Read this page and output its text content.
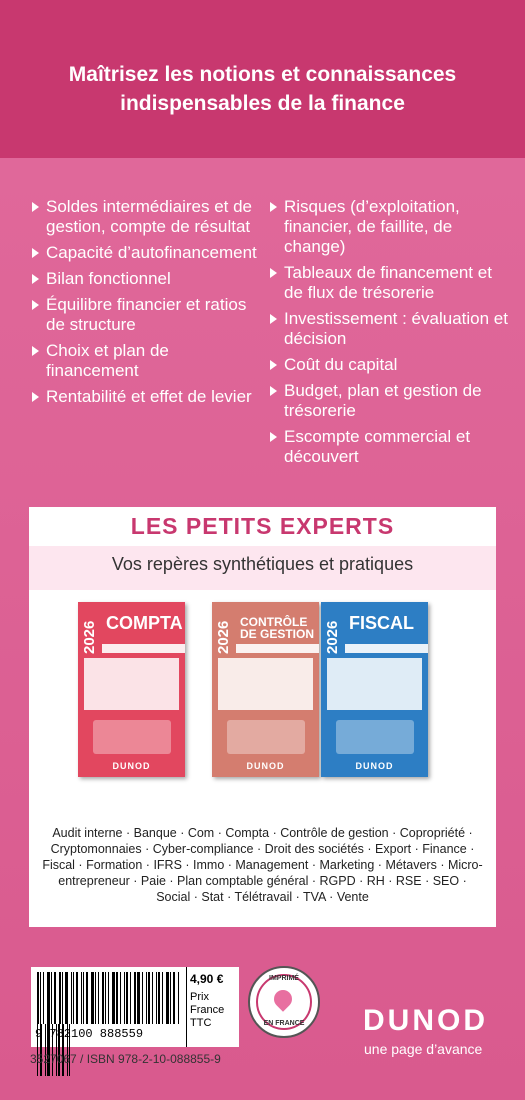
Maîtrisez les notions et connaissances indispensables de la finance
Soldes intermédiaires et de gestion, compte de résultat
Capacité d’autofinancement
Bilan fonctionnel
Équilibre financier et ratios de structure
Choix et plan de financement
Rentabilité et effet de levier
Risques (d’exploitation, financier, de faillite, de change)
Tableaux de financement et de flux de trésorerie
Investissement : évaluation et décision
Coût du capital
Budget, plan et gestion de trésorerie
Escompte commercial et découvert
LES PETITS EXPERTS
Vos repères synthétiques et pratiques
2026 COMPTA
DUNOD
2026 CONTRÔLE DE GESTION
DUNOD
2026 FISCAL
DUNOD
Audit interne · Banque · Com · Compta · Contrôle de gestion · Copropriété · Cryptomonnaies · Cyber-compliance · Droit des sociétés · Export · Finance · Fiscal · Formation · IFRS · Immo · Management · Marketing · Métavers · Micro-entrepreneur · Paie · Plan comptable général · RGPD · RH · RSE · SEO · Social · Stat · Télétravail · TVA · Vente
9 782100 888559
4,90 €
Prix France TTC
IMPRIMÉ
EN FRANCE	DUNOD
une page d’avance
3527067 / ISBN 978-2-10-088855-9
